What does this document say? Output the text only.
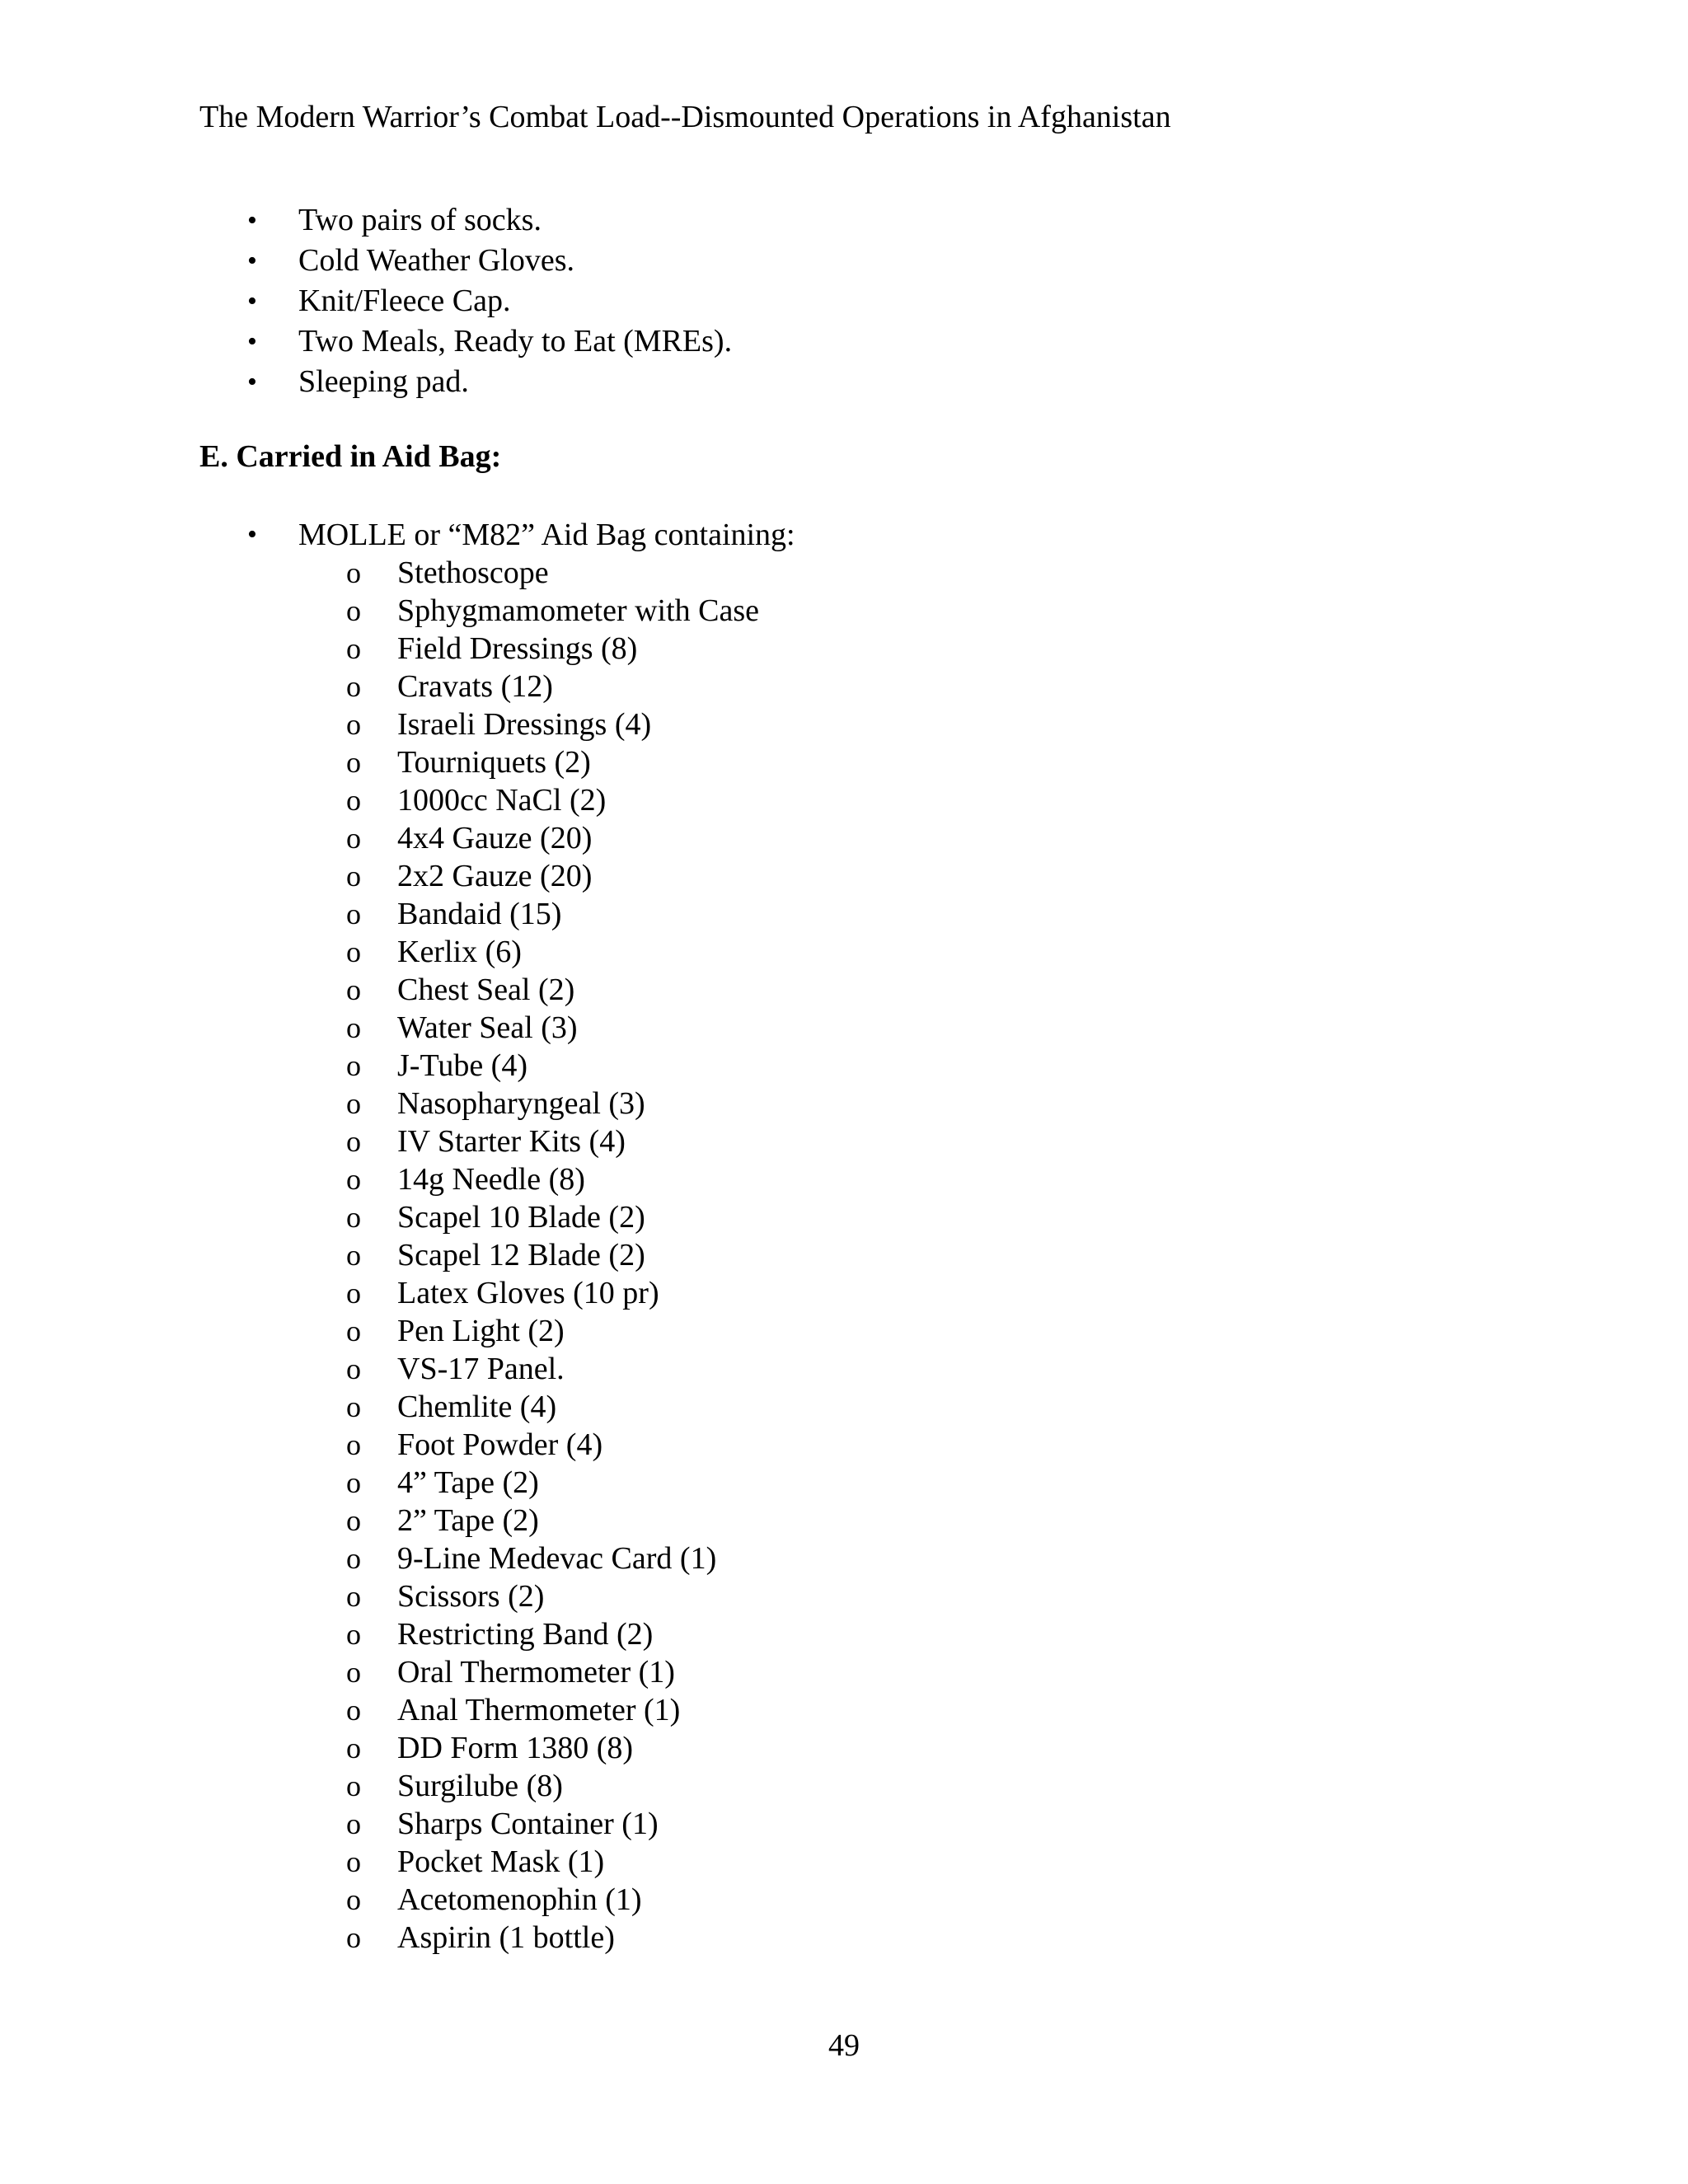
The Modern Warrior’s Combat Load--Dismounted Operations in Afghanistan
•	Two pairs of socks.
•	Cold Weather Gloves.
•	Knit/Fleece Cap.
•	Two Meals, Ready to Eat (MREs).
•	Sleeping pad.
E. Carried in Aid Bag:
•	MOLLE or “M82” Aid Bag containing:
o Stethoscope
o Sphygmamometer with Case
o Field Dressings (8)
o Cravats (12)
o Israeli Dressings (4)
o Tourniquets (2)
o 1000cc NaCl (2)
o 4x4 Gauze (20)
o 2x2 Gauze (20)
o Bandaid (15)
o Kerlix (6)
o Chest Seal (2)
o Water Seal (3)
o J-Tube (4)
o Nasopharyngeal (3)
o IV Starter Kits (4)
o 14g Needle (8)
o Scapel 10 Blade (2)
o Scapel 12 Blade (2)
o Latex Gloves (10 pr)
o Pen Light (2)
o VS-17 Panel.
o Chemlite (4)
o Foot Powder (4)
o 4” Tape (2)
o 2” Tape (2)
o 9-Line Medevac Card (1)
o Scissors (2)
o Restricting Band (2)
o Oral Thermometer (1)
o Anal Thermometer (1)
o DD Form 1380 (8)
o Surgilube (8)
o Sharps Container (1)
o Pocket Mask (1)
o Acetomenophin (1)
o Aspirin (1 bottle)
49
